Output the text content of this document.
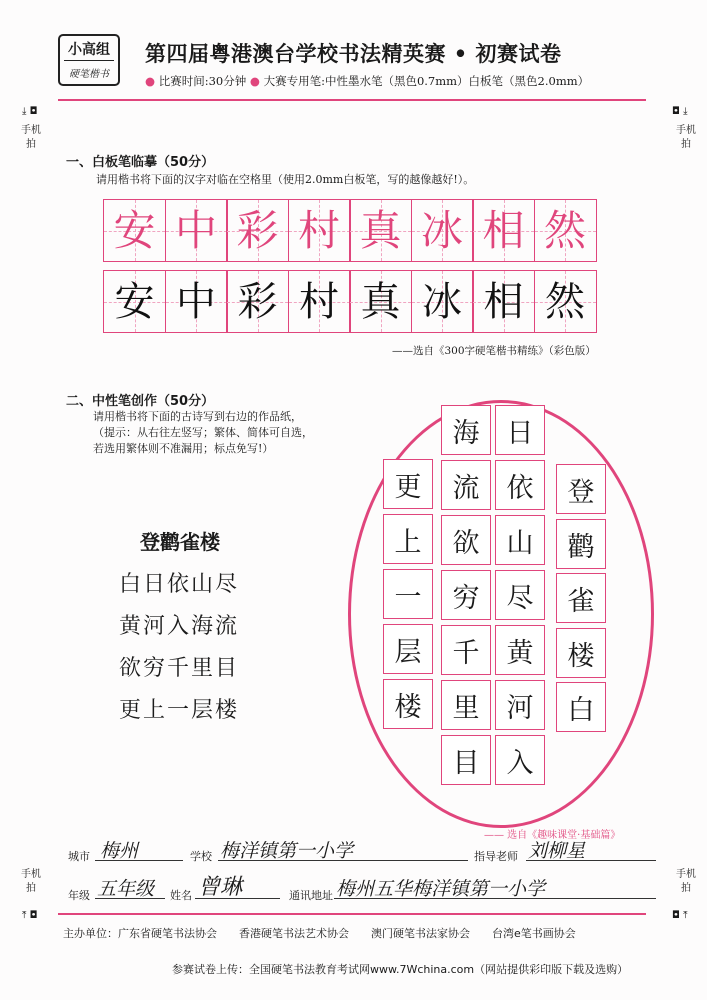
小高组
硬笔楷书
第四届粤港澳台学校书法精英赛 • 初赛试卷
● 比赛时间:30分钟 ● 大赛专用笔:中性墨水笔（黑色0.7mm）白板笔（黑色2.0mm）
⤓ ◘
手机拍
◘ ⤓
手机拍
手机拍
⤒ ◘
手机拍
◘ ⤒
一、白板笔临摹（50分）
请用楷书将下面的汉字对临在空格里（使用2.0mm白板笔，写的越像越好!）。
安 中 彩 村 真 冰 相 然
安 中 彩 村 真 冰 相 然
——选自《300字硬笔楷书精练》（彩色版）
二、中性笔创作（50分）
请用楷书将下面的古诗写到右边的作品纸，
（提示：从右往左竖写；繁体、简体可自选，
若选用繁体则不准漏用；标点免写!）
登鹳雀楼
白日依山尽
黄河入海流
欲穷千里目
更上一层楼
登
鹳
雀
楼
白
日
依
山
尽
黄
河
入
海
流
欲
穷
千
里
目
更
上
一
层
楼
—— 选自《趣味课堂·基础篇》
城市 梅州	学校 梅洋镇第一小学	指导老师 刘柳星
年级 五年级 姓名 曾琳	通讯地址 梅州五华梅洋镇第一小学
主办单位：广东省硬笔书法协会 香港硬笔书法艺术协会 澳门硬笔书法家协会 台湾e笔书画协会
参赛试卷上传：全国硬笔书法教育考试网www.7Wchina.com（网站提供彩印版下载及选购）
